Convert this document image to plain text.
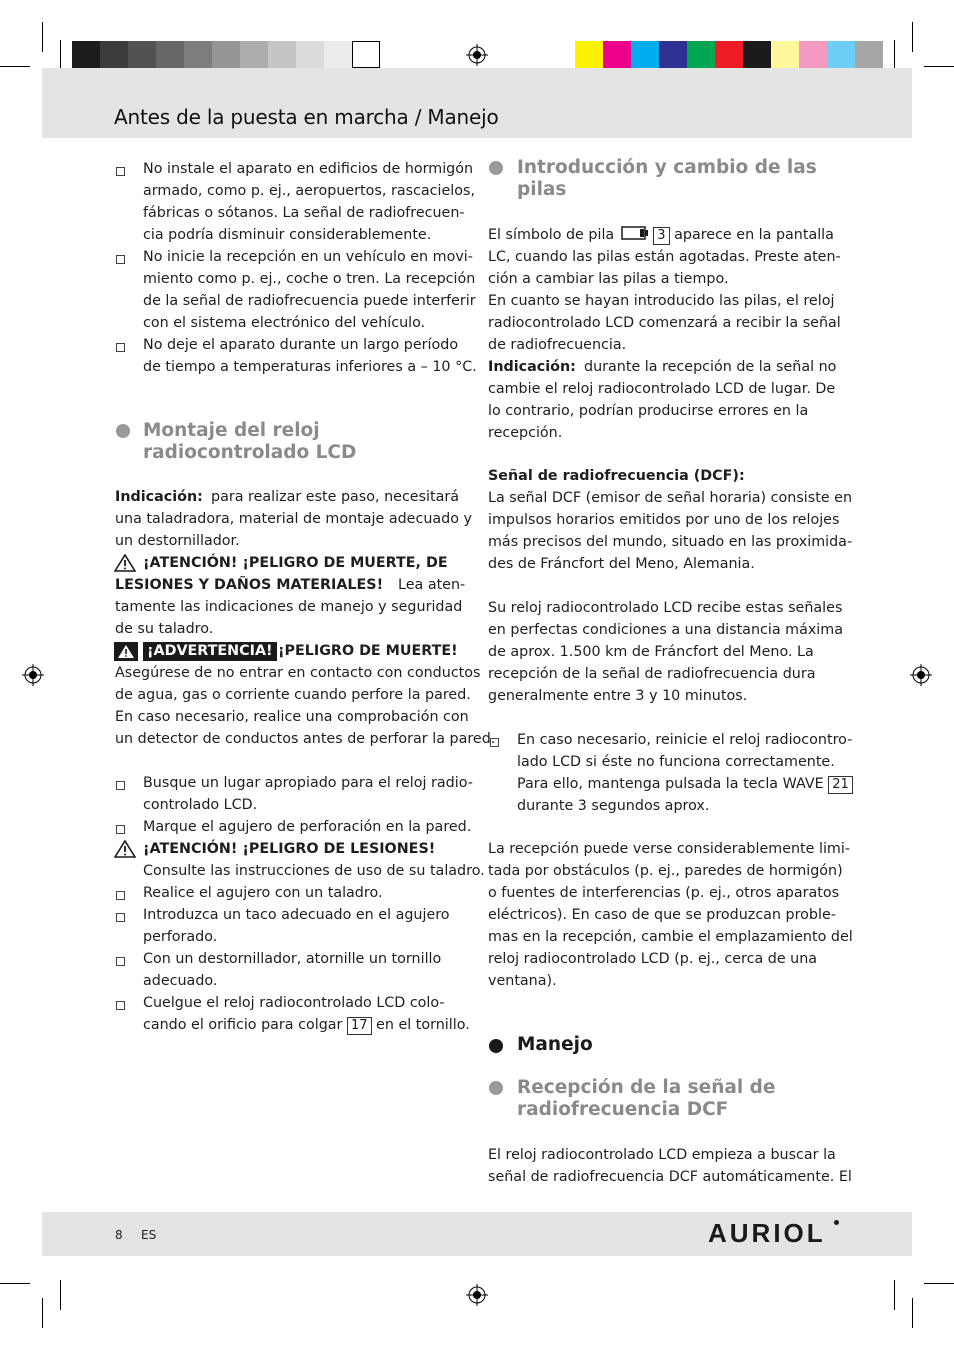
Antes de la puesta en marcha / Manejo
No instale el aparato en edificios de hormigón
armado, como p. ej., aeropuertos, rascacielos,
fábricas o sótanos. La señal de radiofrecuen-
cia podría disminuir considerablemente.
No inicie la recepción en un vehículo en movi-
miento como p. ej., coche o tren. La recepción
de la señal de radiofrecuencia puede interferir
con el sistema electrónico del vehículo.
No deje el aparato durante un largo período
de tiempo a temperaturas inferiores a – 10 °C.
Montaje del reloj
radiocontrolado LCD
Indicación: para realizar este paso, necesitará
una taladradora, material de montaje adecuado y
un destornillador.
¡ATENCIÓN! ¡PELIGRO DE MUERTE, DE
LESIONES Y DAÑOS MATERIALES! Lea aten-
tamente las indicaciones de manejo y seguridad
de su taladro.
¡ADVERTENCIA! ¡PELIGRO DE MUERTE!
Asegúrese de no entrar en contacto con conductos
de agua, gas o corriente cuando perfore la pared.
En caso necesario, realice una comprobación con
un detector de conductos antes de perforar la pared.
Busque un lugar apropiado para el reloj radio-
controlado LCD.
Marque el agujero de perforación en la pared.
¡ATENCIÓN! ¡PELIGRO DE LESIONES!
Consulte las instrucciones de uso de su taladro.
Realice el agujero con un taladro.
Introduzca un taco adecuado en el agujero
perforado.
Con un destornillador, atornille un tornillo
adecuado.
Cuelgue el reloj radiocontrolado LCD colo-
cando el orificio para colgar 17 en el tornillo.
Introducción y cambio de las
pilas
El símbolo de pila	3 aparece en la pantalla
LC, cuando las pilas están agotadas. Preste aten-
ción a cambiar las pilas a tiempo.
En cuanto se hayan introducido las pilas, el reloj
radiocontrolado LCD comenzará a recibir la señal
de radiofrecuencia.
Indicación: durante la recepción de la señal no
cambie el reloj radiocontrolado LCD de lugar. De
lo contrario, podrían producirse errores en la
recepción.
Señal de radiofrecuencia (DCF):
La señal DCF (emisor de señal horaria) consiste en
impulsos horarios emitidos por uno de los relojes
más precisos del mundo, situado en las proximida-
des de Fráncfort del Meno, Alemania.
Su reloj radiocontrolado LCD recibe estas señales
en perfectas condiciones a una distancia máxima
de aprox. 1.500 km de Fráncfort del Meno. La
recepción de la señal de radiofrecuencia dura
generalmente entre 3 y 10 minutos.
En caso necesario, reinicie el reloj radiocontro-
lado LCD si éste no funciona correctamente.
Para ello, mantenga pulsada la tecla WAVE 21
durante 3 segundos aprox.
La recepción puede verse considerablemente limi-
tada por obstáculos (p. ej., paredes de hormigón)
o fuentes de interferencias (p. ej., otros aparatos
eléctricos). En caso de que se produzcan proble-
mas en la recepción, cambie el emplazamiento del
reloj radiocontrolado LCD (p. ej., cerca de una
ventana).
Manejo
Recepción de la señal de
radiofrecuencia DCF
El reloj radiocontrolado LCD empieza a buscar la
señal de radiofrecuencia DCF automáticamente. El
8 ES	AURIOL
